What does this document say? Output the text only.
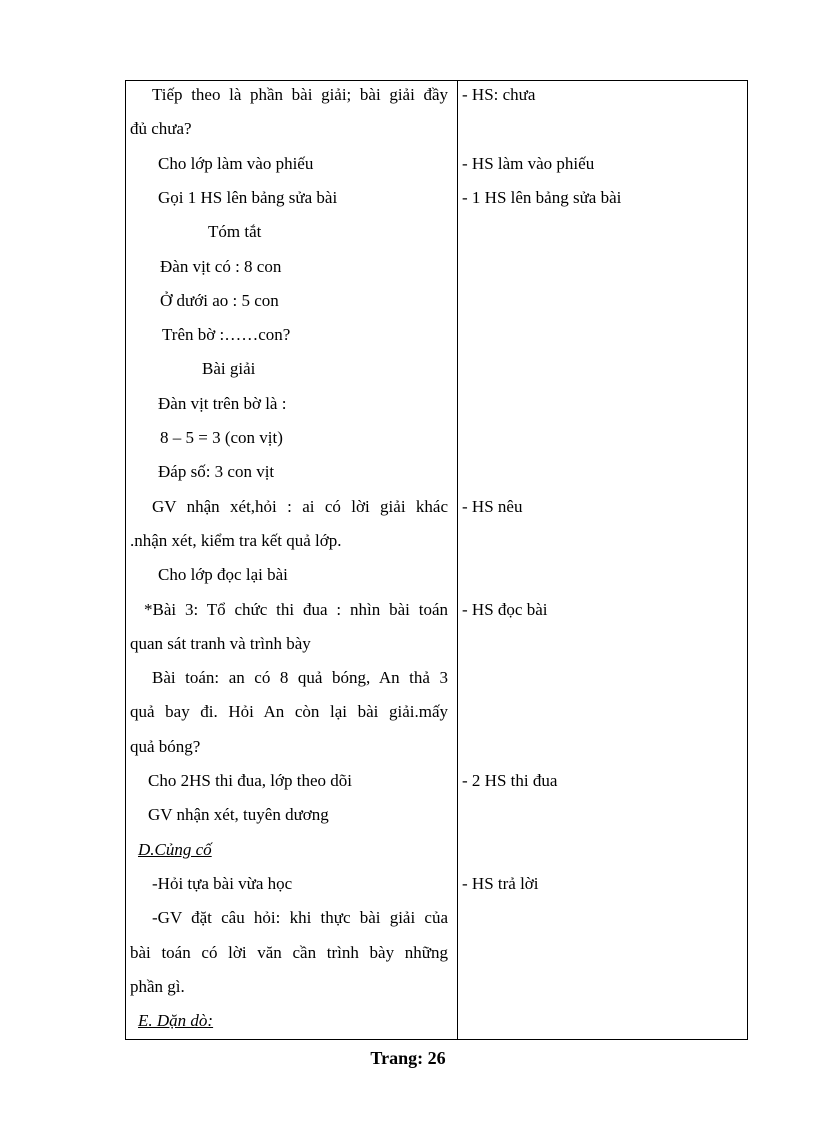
Tiếp theo là phần bài giải; bài giải đầy
đủ chưa?
Cho lớp làm vào phiếu
Gọi 1 HS lên bảng sửa bài
Tóm tắt
Đàn vịt có : 8 con
Ở dưới ao : 5 con
Trên bờ :……con?
Bài giải
Đàn vịt trên bờ là :
8 – 5 = 3 (con vịt)
Đáp số: 3 con vịt
GV nhận xét,hỏi : ai có lời giải khác
.nhận xét, kiểm tra kết quả lớp.
Cho lớp đọc lại bài
*Bài 3: Tổ chức thi đua : nhìn bài toán
quan sát tranh và trình bày
Bài toán: an có 8 quả bóng, An thả 3
quả bay đi. Hỏi An còn lại bài giải.mấy
quả bóng?
Cho 2HS thi đua, lớp theo dõi
GV nhận xét, tuyên dương
D.Củng cố
-Hỏi tựa bài vừa học
-GV đặt câu hỏi: khi thực bài giải của
bài toán có lời văn cần trình bày những
phần gì.
E. Dặn dò:
- HS: chưa
- HS làm vào phiếu
- 1 HS lên bảng sửa bài
- HS nêu
- HS đọc bài
- 2 HS thi đua
- HS trả lời
Trang: 26
